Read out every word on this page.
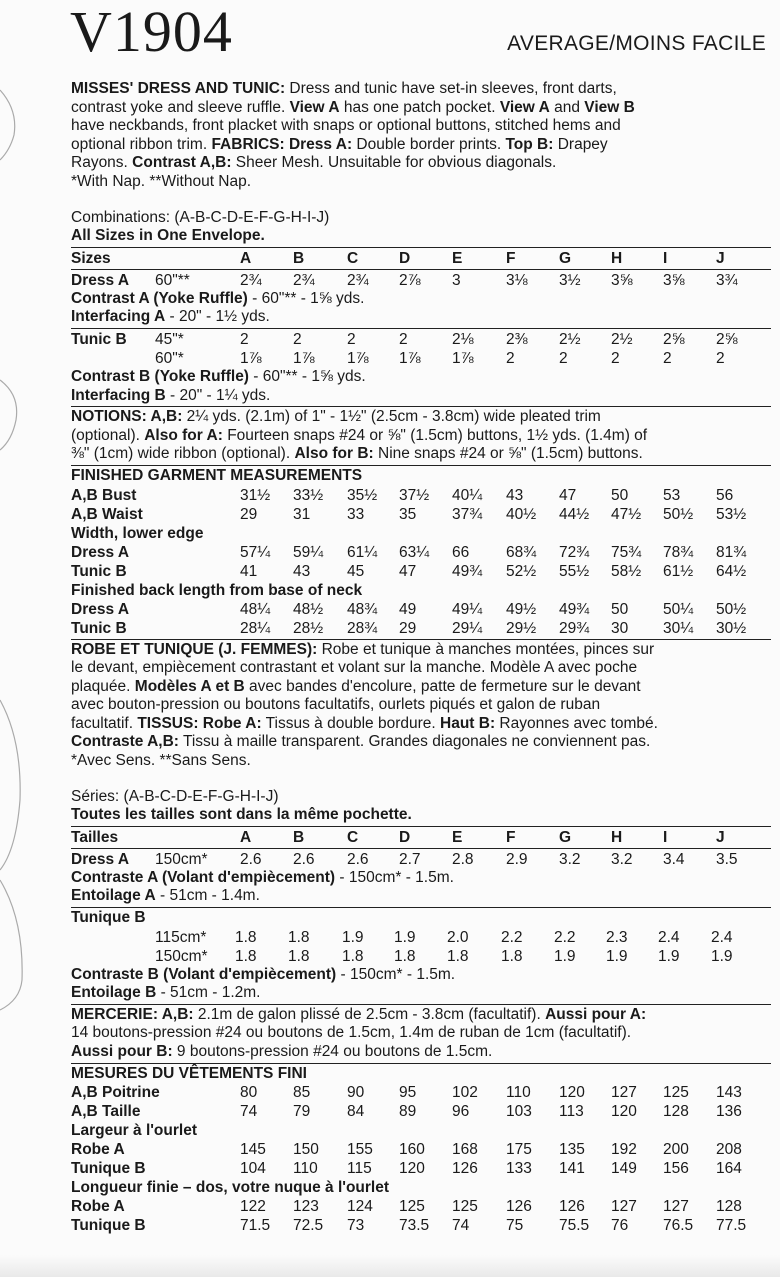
V1904	AVERAGE/MOINS FACILE

MISSES' DRESS AND TUNIC: Dress and tunic have set-in sleeves, front darts,

contrast yoke and sleeve ruffle. View A has one patch pocket. View A and View B

have neckbands, front placket with snaps or optional buttons, stitched hems and

optional ribbon trim. FABRICS: Dress A: Double border prints. Top B: Drapey

Rayons. Contrast A,B: Sheer Mesh. Unsuitable for obvious diagonals.

*With Nap. **Without Nap.

Combinations: (A-B-C-D-E-F-G-H-I-J)

All Sizes in One Envelope.

Sizes	A	B	C	D	E	F	G	H	I	J
Dress A 60"**	2¾ 2¾ 2¾ 2⅞ 3	3⅛ 3½ 3⅝ 3⅝ 3¾

Contrast A (Yoke Ruffle) - 60"** - 1⅝ yds.

Interfacing A - 20" - 1½ yds.

Tunic B 45"*	2	2	2	2	2⅛ 2⅜ 2½ 2½ 2⅝ 2⅝
60"*	1⅞ 1⅞ 1⅞ 1⅞ 1⅞ 2	2	2	2	2

Contrast B (Yoke Ruffle) - 60"** - 1⅝ yds.

Interfacing B - 20" - 1¼ yds.

NOTIONS: A,B: 2¼ yds. (2.1m) of 1" - 1½" (2.5cm - 3.8cm) wide pleated trim

(optional). Also for A: Fourteen snaps #24 or ⅝" (1.5cm) buttons, 1½ yds. (1.4m) of

⅜" (1cm) wide ribbon (optional). Also for B: Nine snaps #24 or ⅝" (1.5cm) buttons.

FINISHED GARMENT MEASUREMENTS

A,B Bust	31½ 33½ 35½ 37½ 40¼ 43 47 50 53 56
A,B Waist	29 31 33 35 37¾ 40½ 44½ 47½ 50½ 53½
Width, lower edge
Dress A	57¼ 59¼ 61¼ 63¼ 66 68¾ 72¾ 75¾ 78¾ 81¾
Tunic B	41 43 45 47 49¾ 52½ 55½ 58½ 61½ 64½
Finished back length from base of neck
Dress A	48¼ 48½ 48¾ 49 49¼ 49½ 49¾ 50 50¼ 50½
Tunic B	28¼ 28½ 28¾ 29 29¼ 29½ 29¾ 30 30¼ 30½

ROBE ET TUNIQUE (J. FEMMES): Robe et tunique à manches montées, pinces sur

le devant, empiècement contrastant et volant sur la manche. Modèle A avec poche

plaquée. Modèles A et B avec bandes d'encolure, patte de fermeture sur le devant

avec bouton-pression ou boutons facultatifs, ourlets piqués et galon de ruban

facultatif. TISSUS: Robe A: Tissus à double bordure. Haut B: Rayonnes avec tombé.

Contraste A,B: Tissu à maille transparent. Grandes diagonales ne conviennent pas.

*Avec Sens. **Sans Sens.

Séries: (A-B-C-D-E-F-G-H-I-J)

Toutes les tailles sont dans la même pochette.

Tailles	A	B	C	D	E	F	G	H	I	J
Dress A 150cm* 2.6 2.6 2.6 2.7 2.8 2.9 3.2 3.2 3.4 3.5

Contraste A (Volant d'empiècement) - 150cm* - 1.5m.

Entoilage A - 51cm - 1.4m.

Tunique B

115cm* 1.8 1.8 1.9 1.9 2.0 2.2 2.2 2.3 2.4 2.4
150cm* 1.8 1.8 1.8 1.8 1.8 1.8 1.9 1.9 1.9 1.9

Contraste B (Volant d'empiècement) - 150cm* - 1.5m.

Entoilage B - 51cm - 1.2m.

MERCERIE: A,B: 2.1m de galon plissé de 2.5cm - 3.8cm (facultatif). Aussi pour A:

14 boutons-pression #24 ou boutons de 1.5cm, 1.4m de ruban de 1cm (facultatif).

Aussi pour B: 9 boutons-pression #24 ou boutons de 1.5cm.

MESURES DU VÊTEMENTS FINI

A,B Poitrine	80 85 90 95 102 110 120 127 125 143
A,B Taille	74 79 84 89 96 103 113 120 128 136
Largeur à l'ourlet
Robe A	145 150 155 160 168 175 135 192 200 208
Tunique B	104 110 115 120 126 133 141 149 156 164
Longueur finie – dos, votre nuque à l'ourlet
Robe A	122 123 124 125 125 126 126 127 127 128
Tunique B	71.5 72.5 73 73.5 74 75 75.5 76 76.5 77.5
